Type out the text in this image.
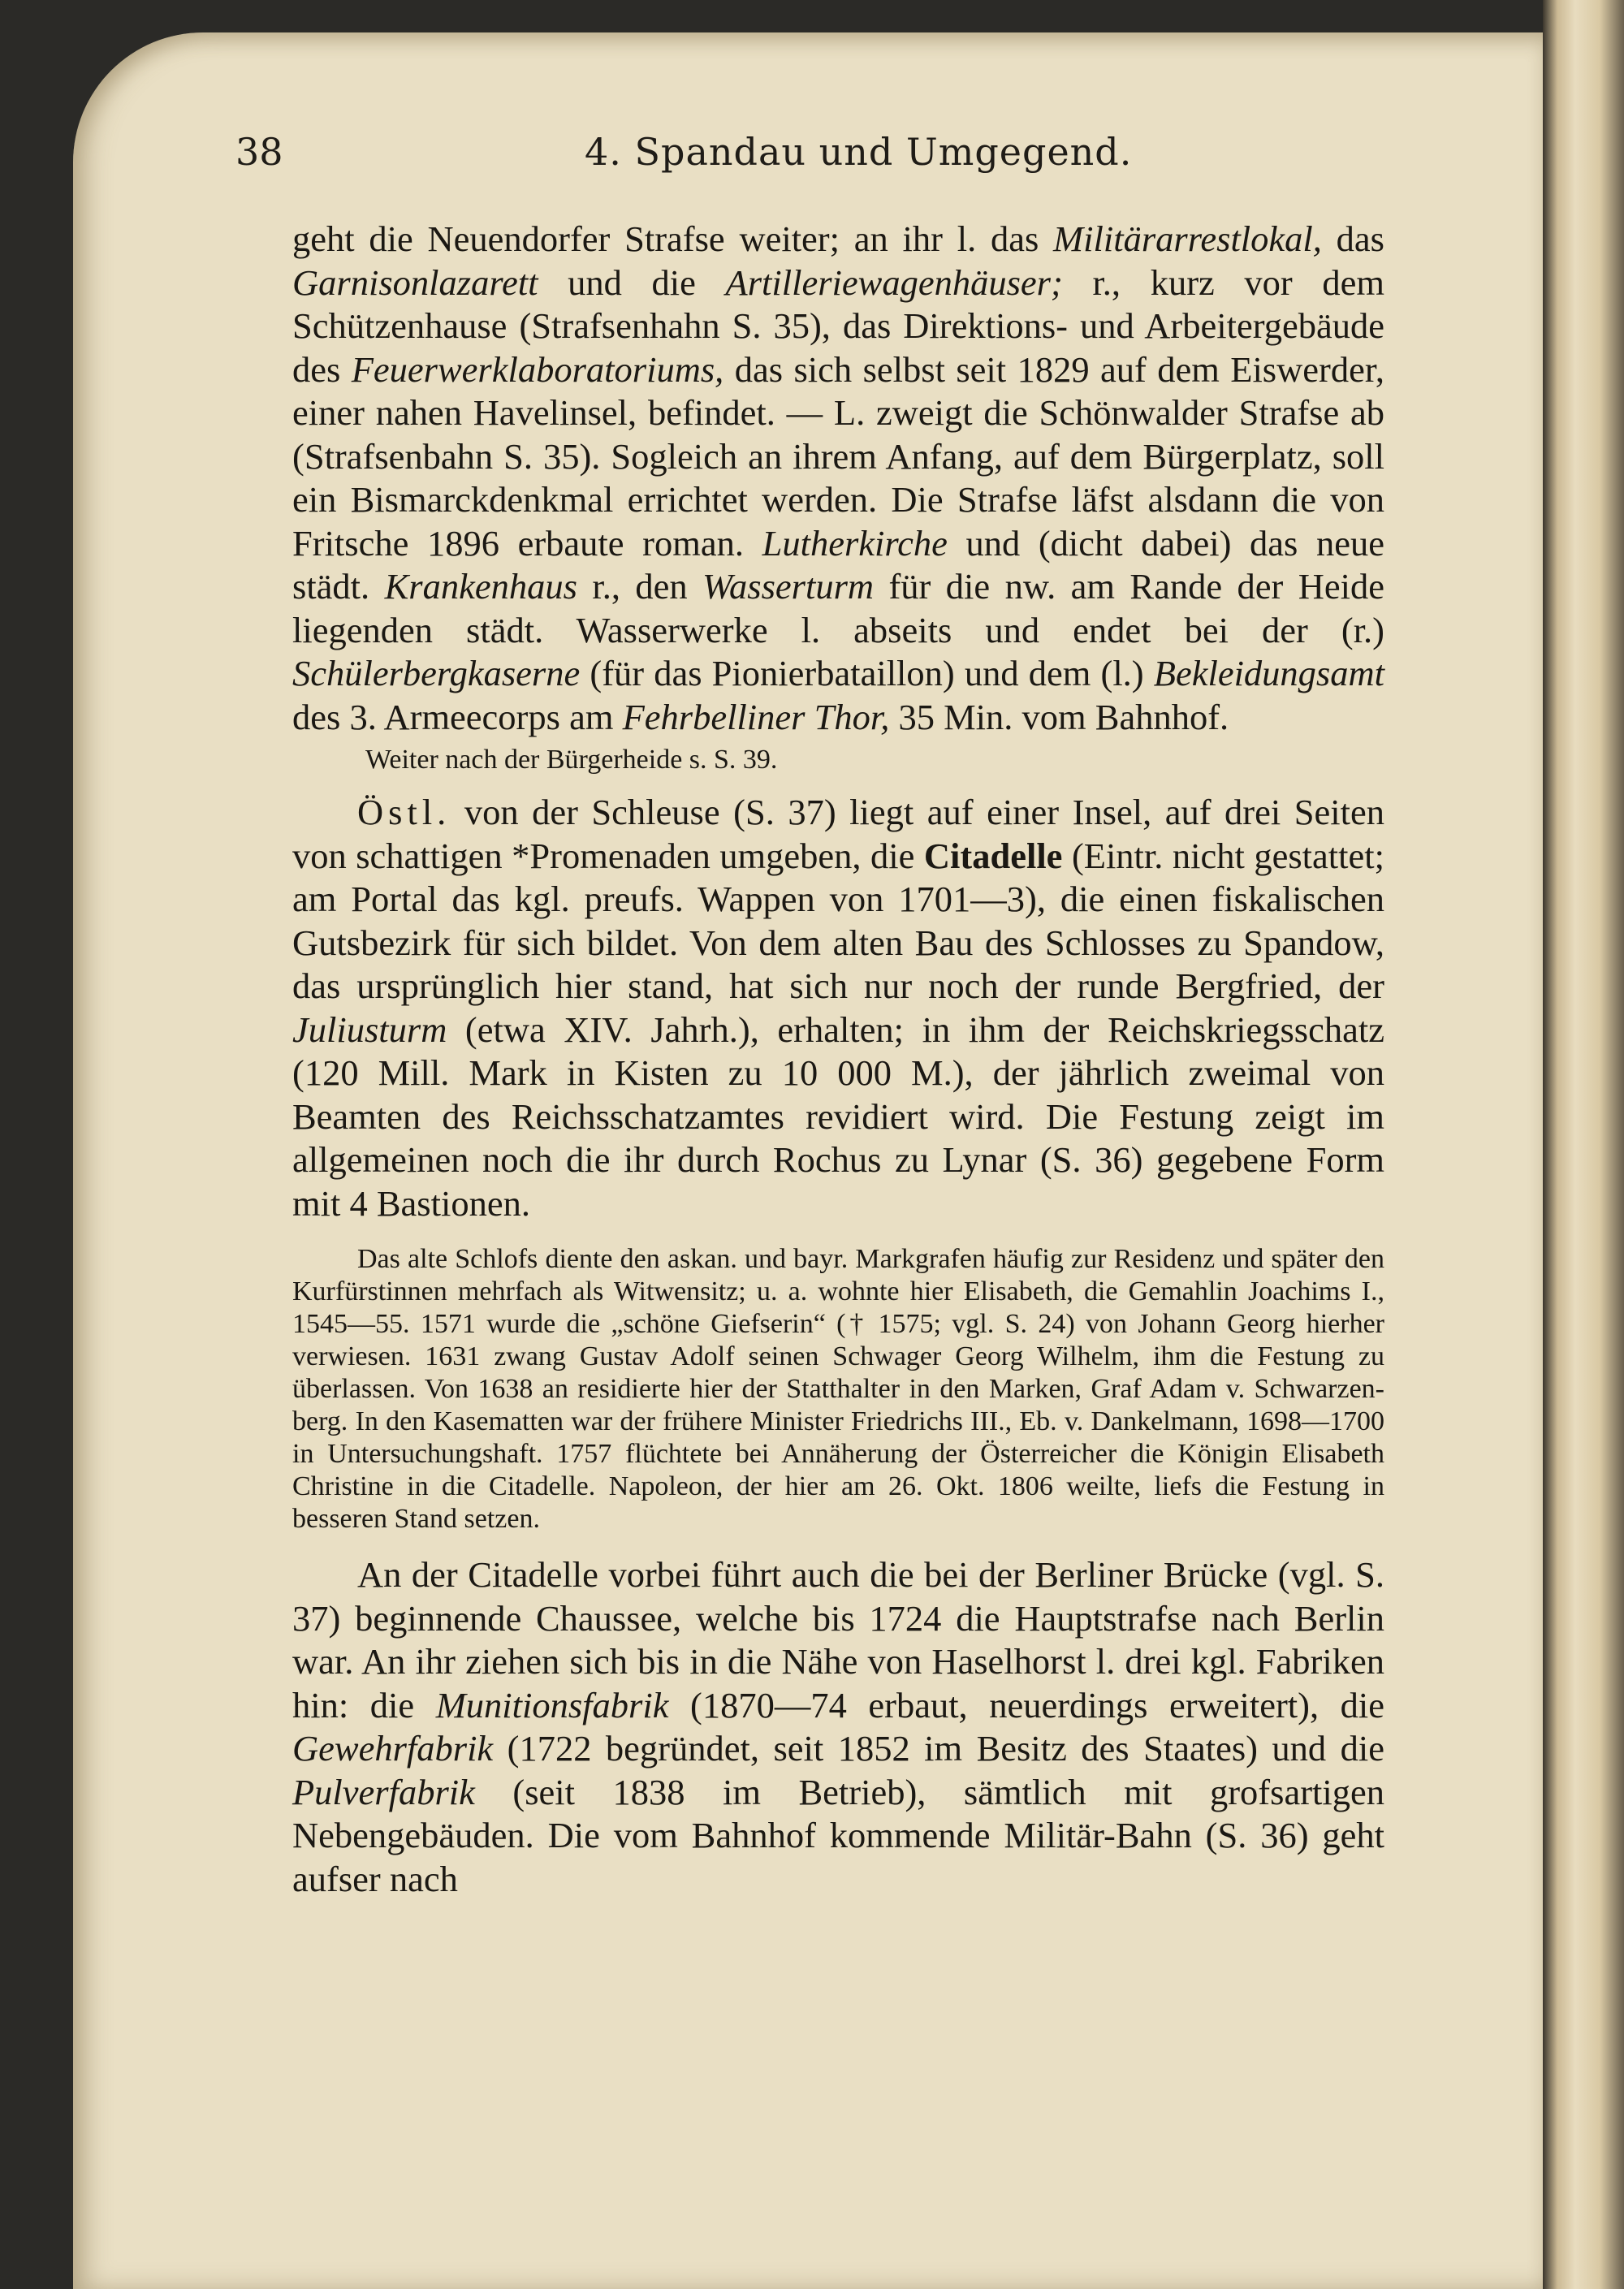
38	4. Spandau und Umgegend.

geht die Neuendorfer Strafse weiter; an ihr l. das Militärarrestlokal, das Garnisonlazarett und die Artilleriewagenhäuser; r., kurz vor dem Schützenhause (Strafsenhahn S. 35), das Direktions- und Arbeitergebäude des Feuerwerklaboratoriums, das sich selbst seit 1829 auf dem Eiswerder, einer nahen Havelinsel, befindet. — L. zweigt die Schönwalder Strafse ab (Strafsenbahn S. 35). Sogleich an ihrem Anfang, auf dem Bürgerplatz, soll ein Bismarckdenkmal errichtet werden. Die Strafse läfst alsdann die von Fritsche 1896 erbaute roman. Lutherkirche und (dicht dabei) das neue städt. Krankenhaus r., den Wasserturm für die nw. am Rande der Heide liegenden städt. Wasserwerke l. abseits und endet bei der (r.) Schülerbergkaserne (für das Pionierbataillon) und dem (l.) Bekleidungsamt des 3. Armeecorps am Fehrbelliner Thor, 35 Min. vom Bahnhof.

Weiter nach der Bürgerheide s. S. 39.

Östl. von der Schleuse (S. 37) liegt auf einer Insel, auf drei Seiten von schattigen *Promenaden umgeben, die Citadelle (Eintr. nicht gestattet; am Portal das kgl. preufs. Wappen von 1701—3), die einen fiskalischen Gutsbezirk für sich bildet. Von dem alten Bau des Schlosses zu Spandow, das ursprünglich hier stand, hat sich nur noch der runde Bergfried, der Juliusturm (etwa XIV. Jahrh.), erhalten; in ihm der Reichskriegsschatz (120 Mill. Mark in Kisten zu 10 000 M.), der jährlich zweimal von Beamten des Reichsschatzamtes revidiert wird. Die Festung zeigt im allgemeinen noch die ihr durch Rochus zu Lynar (S. 36) gegebene Form mit 4 Bastionen.

Das alte Schlofs diente den askan. und bayr. Markgrafen häufig zur Residenz und später den Kurfürstinnen mehrfach als Witwensitz; u. a. wohnte hier Elisabeth, die Gemahlin Joachims I., 1545—55. 1571 wurde die „schöne Giefserin“ († 1575; vgl. S. 24) von Johann Georg hierher verwiesen. 1631 zwang Gustav Adolf seinen Schwager Georg Wilhelm, ihm die Festung zu überlassen. Von 1638 an residierte hier der Statthalter in den Marken, Graf Adam v. Schwarzenberg. In den Kasematten war der frühere Minister Friedrichs III., Eb. v. Dankelmann, 1698—1700 in Untersuchungshaft. 1757 flüchtete bei Annäherung der Österreicher die Königin Elisabeth Christine in die Citadelle. Napoleon, der hier am 26. Okt. 1806 weilte, liefs die Festung in besseren Stand setzen.

An der Citadelle vorbei führt auch die bei der Berliner Brücke (vgl. S. 37) beginnende Chaussee, welche bis 1724 die Hauptstrafse nach Berlin war. An ihr ziehen sich bis in die Nähe von Haselhorst l. drei kgl. Fabriken hin: die Munitionsfabrik (1870—74 erbaut, neuerdings erweitert), die Gewehrfabrik (1722 begründet, seit 1852 im Besitz des Staates) und die Pulverfabrik (seit 1838 im Betrieb), sämtlich mit grofsartigen Nebengebäuden. Die vom Bahnhof kommende Militär-Bahn (S. 36) geht aufser nach
